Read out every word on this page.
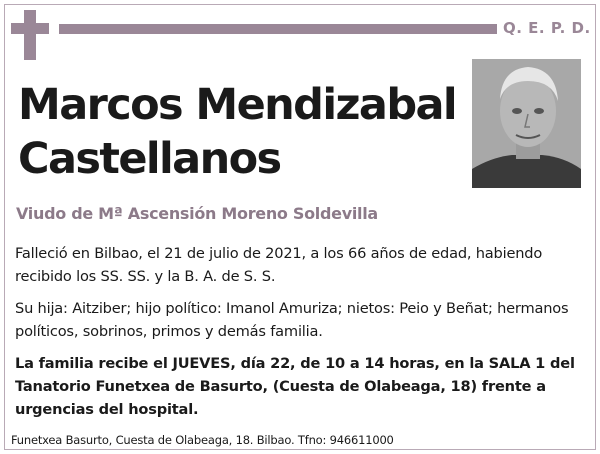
Q. E. P. D.
Marcos Mendizabal
Castellanos
Viudo de Mª Ascensión Moreno Soldevilla
Falleció en Bilbao, el 21 de julio de 2021, a los 66 años de edad, habiendo recibido los SS. SS. y la B. A. de S. S.
Su hija: Aitziber; hijo político: Imanol Amuriza; nietos: Peio y Beñat; hermanos políticos, sobrinos, primos y demás familia.
La familia recibe el JUEVES, día 22, de 10 a 14 horas, en la SALA 1 del Tanatorio Funetxea de Basurto, (Cuesta de Olabeaga, 18) frente a urgencias del hospital.
Funetxea Basurto, Cuesta de Olabeaga, 18. Bilbao. Tfno: 946611000
